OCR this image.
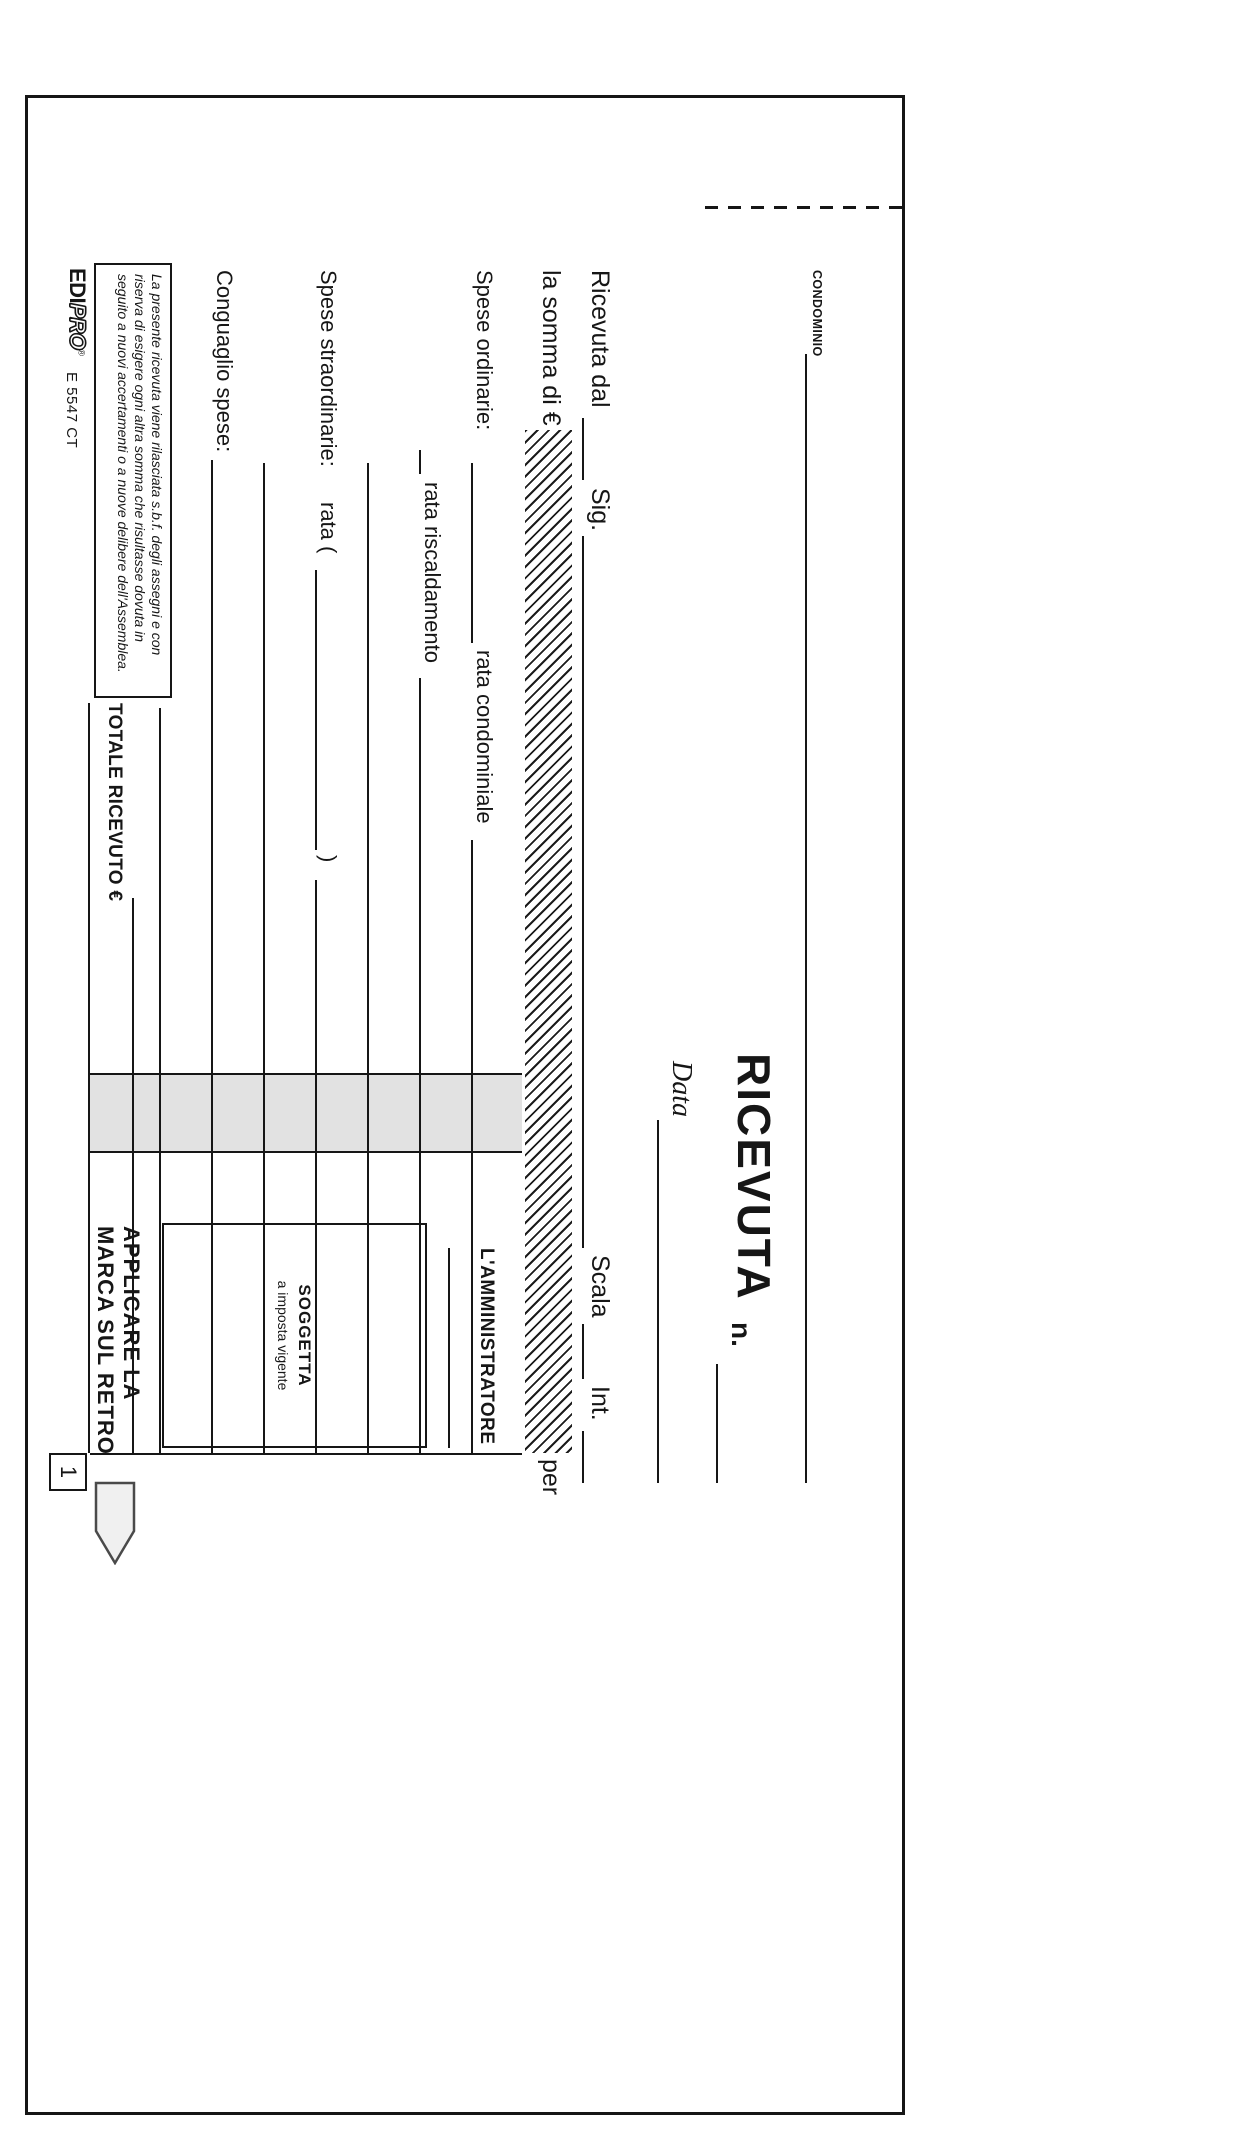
CONDOMINIO
RICEVUTA
n.
Data
Ricevuta dal
Sig.
Scala
Int.
la somma di €
per
Spese ordinarie:
rata condominiale
rata riscaldamento
Spese straordinarie:
rata (
)
Conguaglio spese:
TOTALE RICEVUTO €
L'AMMINISTRATORE
SOGGETTA
a imposta vigente
APPLICARE LA
MARCA SUL RETRO
La presente ricevuta viene rilasciata s.b.f. degli assegni e con riserva di esigere ogni altra somma che risultasse dovuta in seguito a nuovi accertamenti o a nuove delibere dell'Assemblea.
EDIPRO®
E 5547 CT
1
